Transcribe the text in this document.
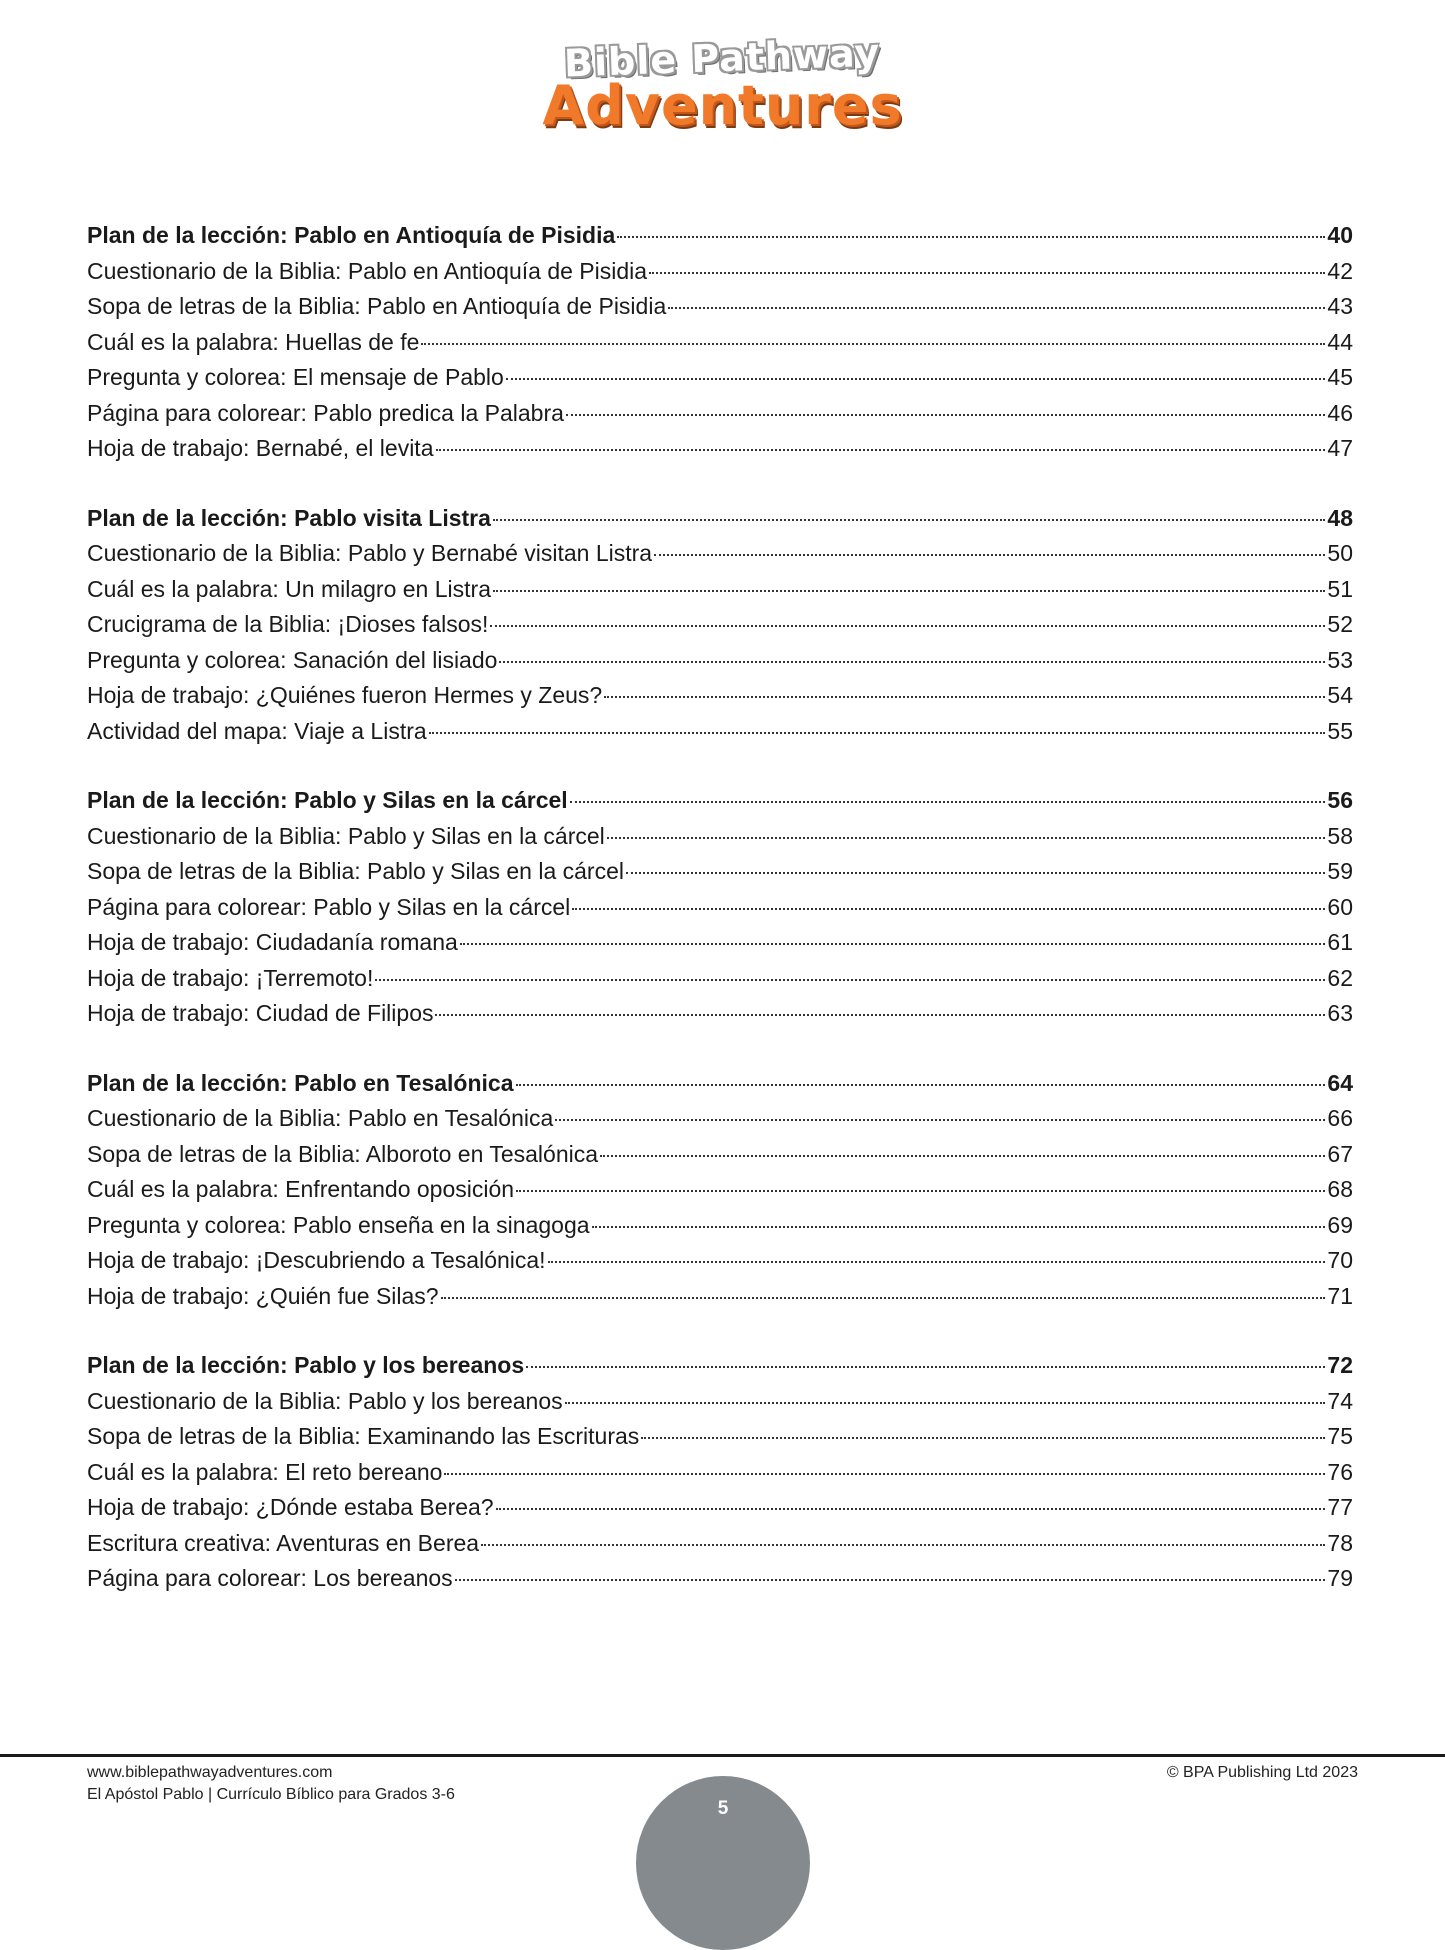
Bible Pathway
Adventures
Plan de la lección: Pablo en Antioquía de Pisidia	40
Cuestionario de la Biblia: Pablo en Antioquía de Pisidia	42
Sopa de letras de la Biblia: Pablo en Antioquía de Pisidia	43
Cuál es la palabra: Huellas de fe	44
Pregunta y colorea: El mensaje de Pablo	45
Página para colorear: Pablo predica la Palabra	46
Hoja de trabajo: Bernabé, el levita	47
Plan de la lección: Pablo visita Listra	48
Cuestionario de la Biblia: Pablo y Bernabé visitan Listra	50
Cuál es la palabra: Un milagro en Listra	51
Crucigrama de la Biblia: ¡Dioses falsos!	52
Pregunta y colorea: Sanación del lisiado	53
Hoja de trabajo: ¿Quiénes fueron Hermes y Zeus?	54
Actividad del mapa: Viaje a Listra	55
Plan de la lección: Pablo y Silas en la cárcel	56
Cuestionario de la Biblia: Pablo y Silas en la cárcel	58
Sopa de letras de la Biblia: Pablo y Silas en la cárcel	59
Página para colorear: Pablo y Silas en la cárcel	60
Hoja de trabajo: Ciudadanía romana	61
Hoja de trabajo: ¡Terremoto!	62
Hoja de trabajo: Ciudad de Filipos	63
Plan de la lección: Pablo en Tesalónica	64
Cuestionario de la Biblia: Pablo en Tesalónica	66
Sopa de letras de la Biblia: Alboroto en Tesalónica	67
Cuál es la palabra: Enfrentando oposición	68
Pregunta y colorea: Pablo enseña en la sinagoga	69
Hoja de trabajo: ¡Descubriendo a Tesalónica!	70
Hoja de trabajo: ¿Quién fue Silas?	71
Plan de la lección: Pablo y los bereanos	72
Cuestionario de la Biblia: Pablo y los bereanos	74
Sopa de letras de la Biblia: Examinando las Escrituras	75
Cuál es la palabra: El reto bereano	76
Hoja de trabajo: ¿Dónde estaba Berea?	77
Escritura creativa: Aventuras en Berea	78
Página para colorear: Los bereanos	79
www.biblepathwayadventures.com
El Apóstol Pablo | Currículo Bíblico para Grados 3-6
© BPA Publishing Ltd 2023
5
